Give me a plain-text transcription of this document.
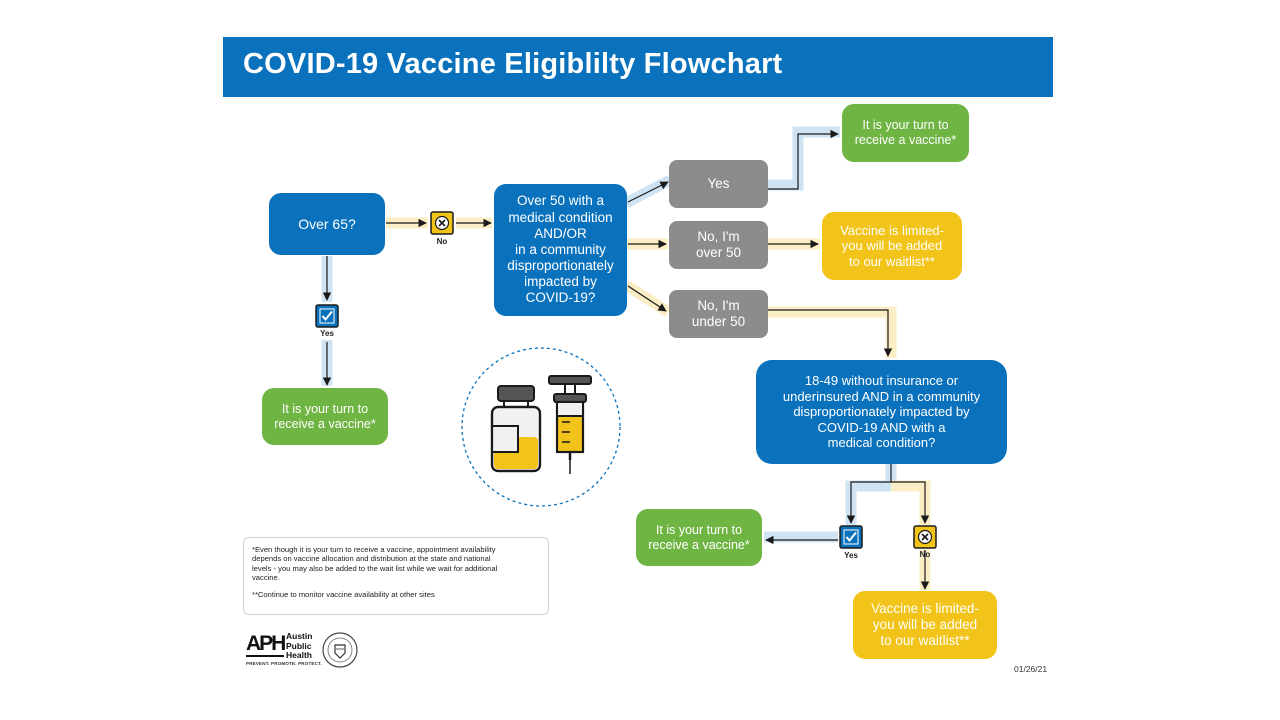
COVID-19 Vaccine Eligiblilty Flowchart
Over 65?
Over 50 with a
medical condition
AND/OR
in a community
disproportionately
impacted by
COVID-19?
Yes
No, I'm
over 50
No, I'm
under 50
It is your turn to
receive a vaccine*
Vaccine is limited-
you will be added
to our waitlist**
It is your turn to
receive a vaccine*
18-49 without insurance or
underinsured AND in a community
disproportionately impacted by
COVID-19 AND with a
medical condition?
It is your turn to
receive a vaccine*
Vaccine is limited-
you will be added
to our waitlist**
No
Yes
Yes	No

*Even though it is your turn to receive a vaccine, appointment availability
depends on vaccine allocation and distribution at the state and national
levels - you may also be added to the wait list while we wait for additional
vaccine.

**Continue to monitor vaccine availability at other sites

APH Austin
Public
Health
PREVENT. PROMOTE. PROTECT.
01/26/21
